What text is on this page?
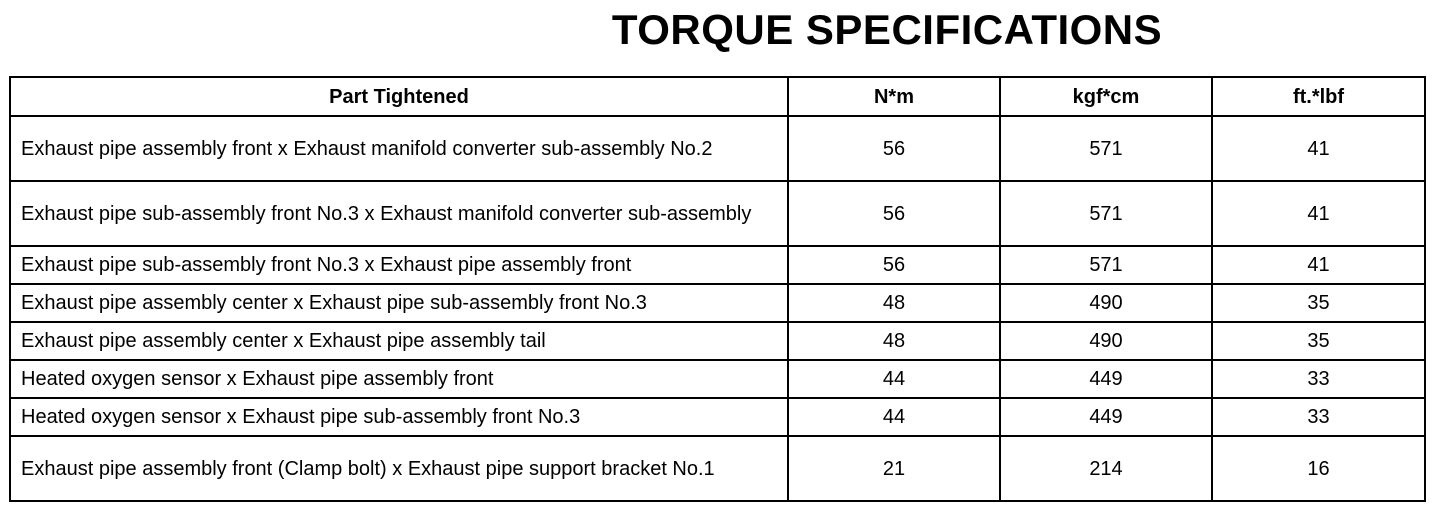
TORQUE SPECIFICATIONS
Part Tightened	N*m	kgf*cm	ft.*lbf
Exhaust pipe assembly front x Exhaust manifold converter sub-assembly No.2	56	571	41
Exhaust pipe sub-assembly front No.3 x Exhaust manifold converter sub-assembly	56	571	41
Exhaust pipe sub-assembly front No.3 x Exhaust pipe assembly front	56	571	41
Exhaust pipe assembly center x Exhaust pipe sub-assembly front No.3	48	490	35
Exhaust pipe assembly center x Exhaust pipe assembly tail	48	490	35
Heated oxygen sensor x Exhaust pipe assembly front	44	449	33
Heated oxygen sensor x Exhaust pipe sub-assembly front No.3	44	449	33
Exhaust pipe assembly front (Clamp bolt) x Exhaust pipe support bracket No.1	21	214	16
